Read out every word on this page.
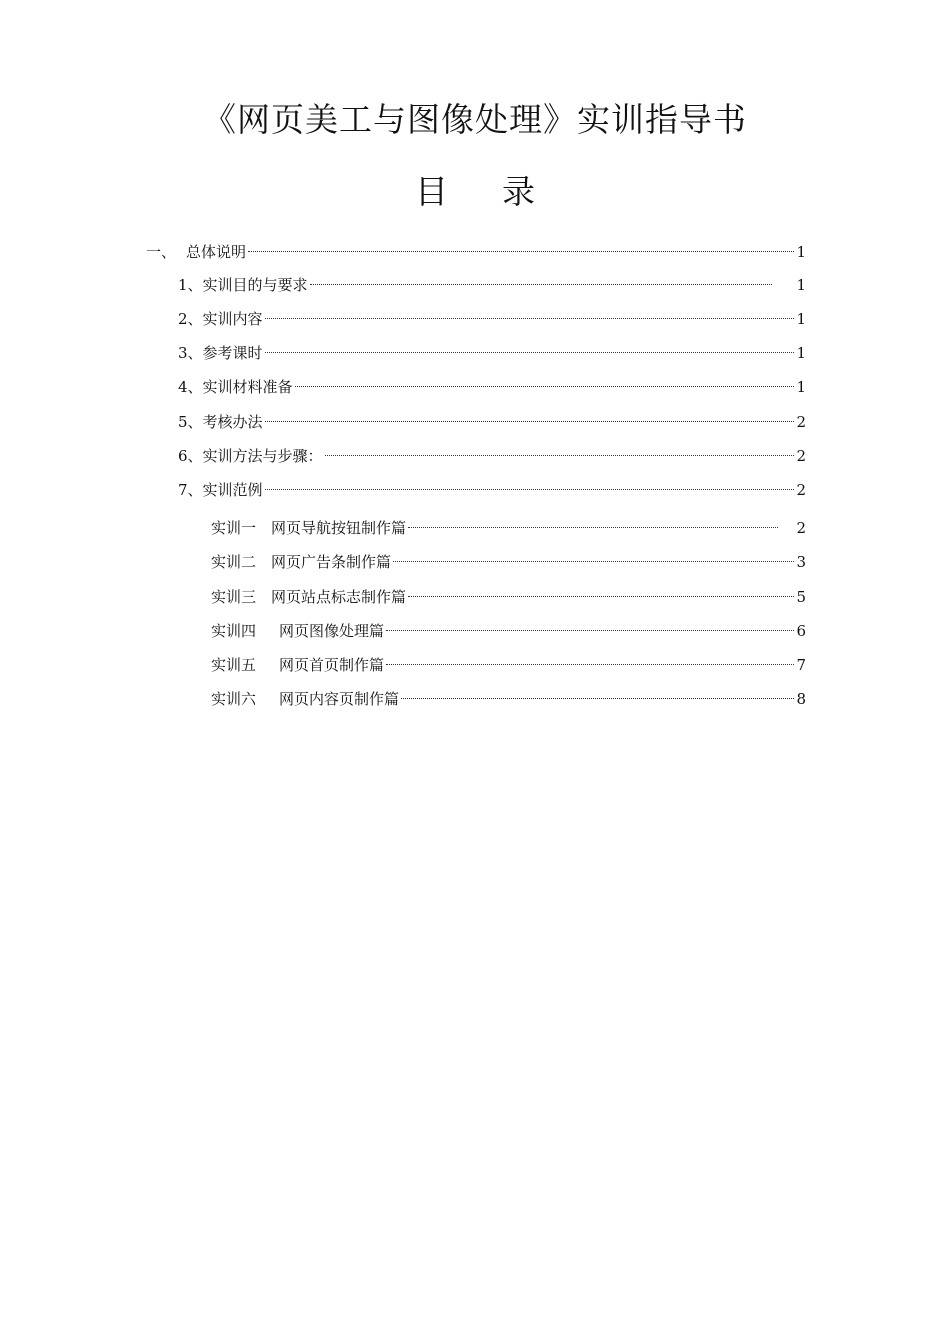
《网页美工与图像处理》实训指导书
目 录
一、 总体说明	1
1、 实训目的与要求	1
2、 实训内容	1
3、 参考课时	1
4、 实训材料准备	1
5、 考核办法	2
6、 实训方法与步骤：	2
7、 实训范例	2
实训一 网页导航按钮制作篇	2
实训二 网页广告条制作篇	3
实训三 网页站点标志制作篇	5
实训四	网页图像处理篇	6
实训五	网页首页制作篇	7
实训六	网页内容页制作篇	8
